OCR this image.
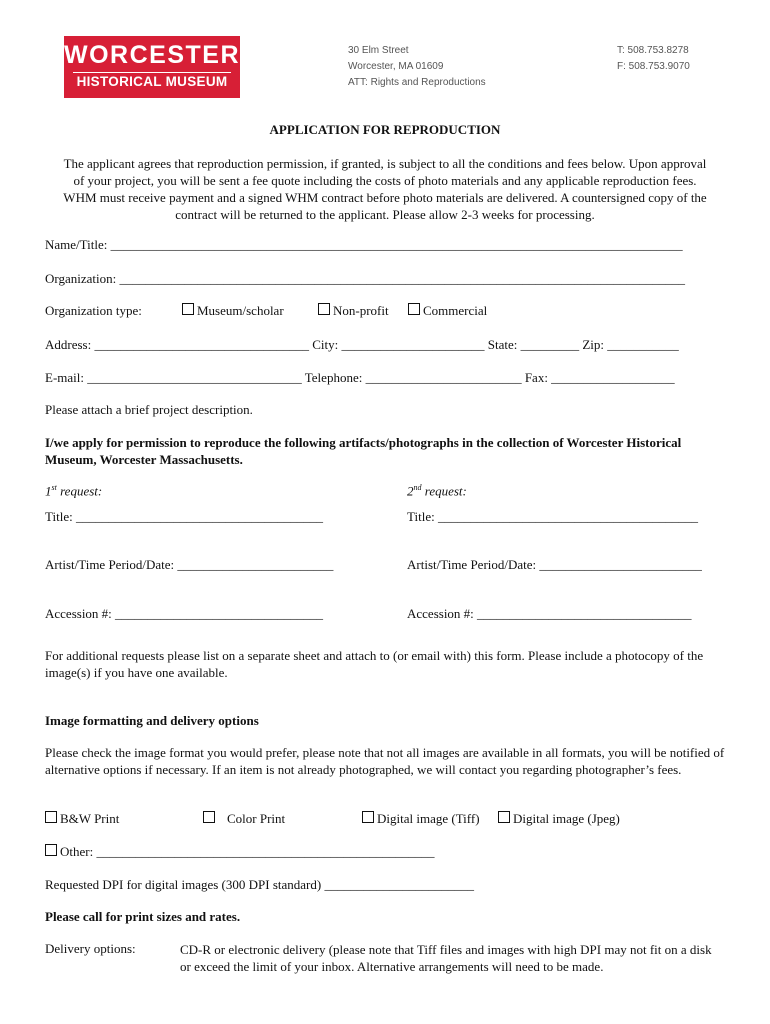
WORCESTER
HISTORICAL MUSEUM
30 Elm Street
Worcester, MA 01609
ATT: Rights and Reproductions
T: 508.753.8278
F: 508.753.9070
APPLICATION FOR REPRODUCTION
The applicant agrees that reproduction permission, if granted, is subject to all the conditions and fees below. Upon approval of your project, you will be sent a fee quote including the costs of photo materials and any applicable reproduction fees. WHM must receive payment and a signed WHM contract before photo materials are delivered. A countersigned copy of the contract will be returned to the applicant. Please allow 2-3 weeks for processing.
Name/Title: ________________________________________________________________________________________
Organization: _______________________________________________________________________________________
Organization type:	Museum/scholar	Non-profit	Commercial
Address: _________________________________ City: ______________________ State: _________ Zip: ___________
E-mail: _________________________________ Telephone: ________________________ Fax: ___________________
Please attach a brief project description.
I/we apply for permission to reproduce the following artifacts/photographs in the collection of Worcester Historical Museum, Worcester Massachusetts.
1st request:
Title: ______________________________________
Artist/Time Period/Date: ________________________
Accession #: ________________________________
2nd request:
Title: ________________________________________
Artist/Time Period/Date: _________________________
Accession #: _________________________________
For additional requests please list on a separate sheet and attach to (or email with) this form. Please include a photocopy of the image(s) if you have one available.
Image formatting and delivery options
Please check the image format you would prefer, please note that not all images are available in all formats, you will be notified of alternative options if necessary. If an item is not already photographed, we will contact you regarding photographer’s fees.
B&W Print	Color Print	Digital image (Tiff)	Digital image (Jpeg)
Other: ____________________________________________________
Requested DPI for digital images (300 DPI standard) _______________________
Please call for print sizes and rates.
Delivery options:	CD-R or electronic delivery (please note that Tiff files and images with high DPI may not fit on a disk or exceed the limit of your inbox. Alternative arrangements will need to be made.
